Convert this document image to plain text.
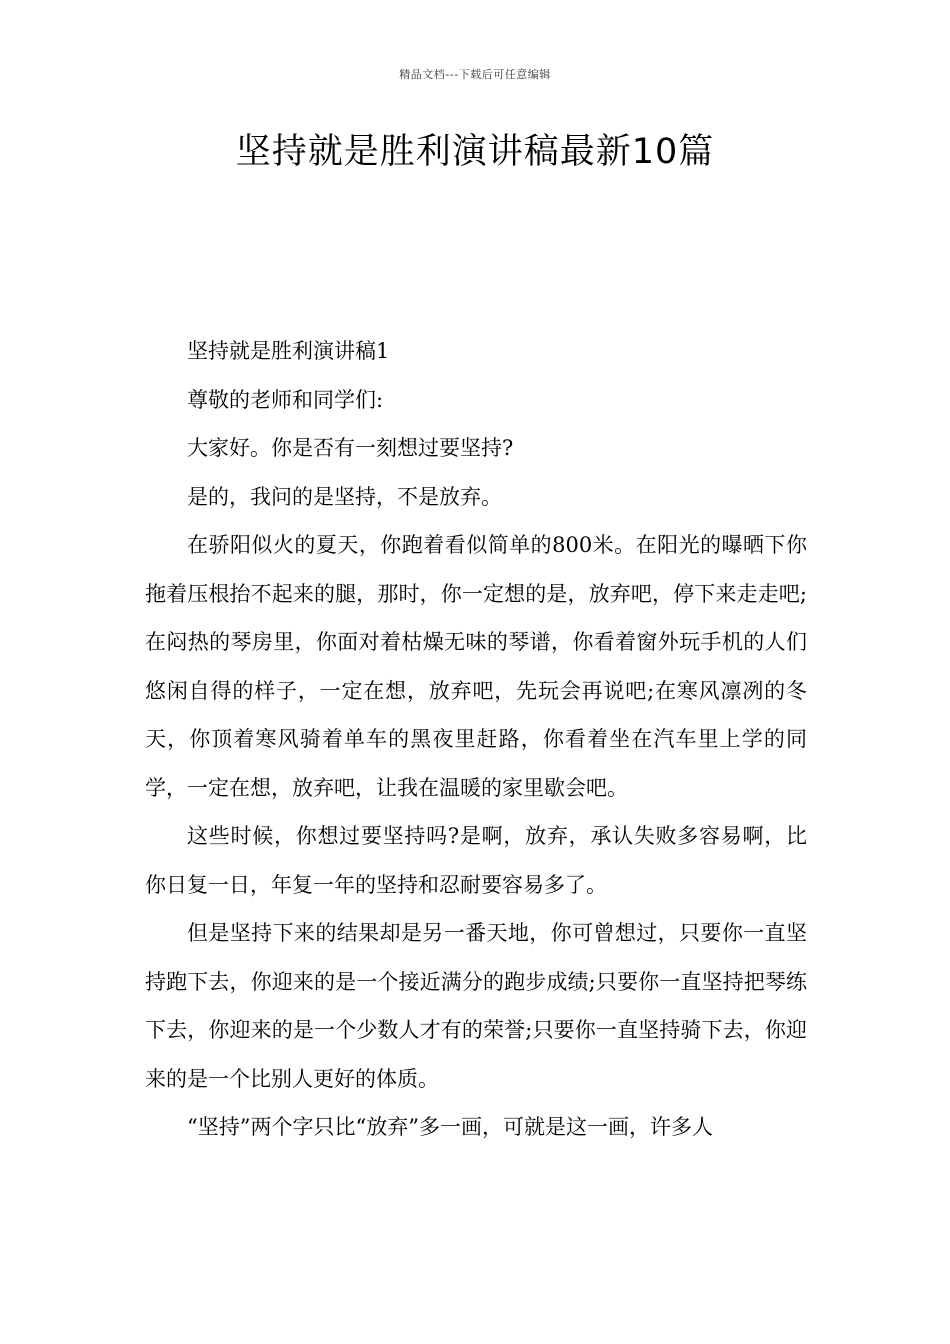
精品文档---下载后可任意编辑
坚持就是胜利演讲稿最新10篇

坚持就是胜利演讲稿1

尊敬的老师和同学们:

大家好。你是否有一刻想过要坚持?

是的，我问的是坚持，不是放弃。

在骄阳似火的夏天，你跑着看似简单的800米。在阳光的曝晒下你拖着压根抬不起来的腿，那时，你一定想的是，放弃吧，停下来走走吧;在闷热的琴房里，你面对着枯燥无味的琴谱，你看着窗外玩手机的人们悠闲自得的样子，一定在想，放弃吧，先玩会再说吧;在寒风凛冽的冬天，你顶着寒风骑着单车的黑夜里赶路，你看着坐在汽车里上学的同学，一定在想，放弃吧，让我在温暖的家里歇会吧。

这些时候，你想过要坚持吗?是啊，放弃，承认失败多容易啊，比你日复一日，年复一年的坚持和忍耐要容易多了。

但是坚持下来的结果却是另一番天地，你可曾想过，只要你一直坚持跑下去，你迎来的是一个接近满分的跑步成绩;只要你一直坚持把琴练下去，你迎来的是一个少数人才有的荣誉;只要你一直坚持骑下去，你迎来的是一个比别人更好的体质。

“坚持”两个字只比“放弃”多一画，可就是这一画，许多人
